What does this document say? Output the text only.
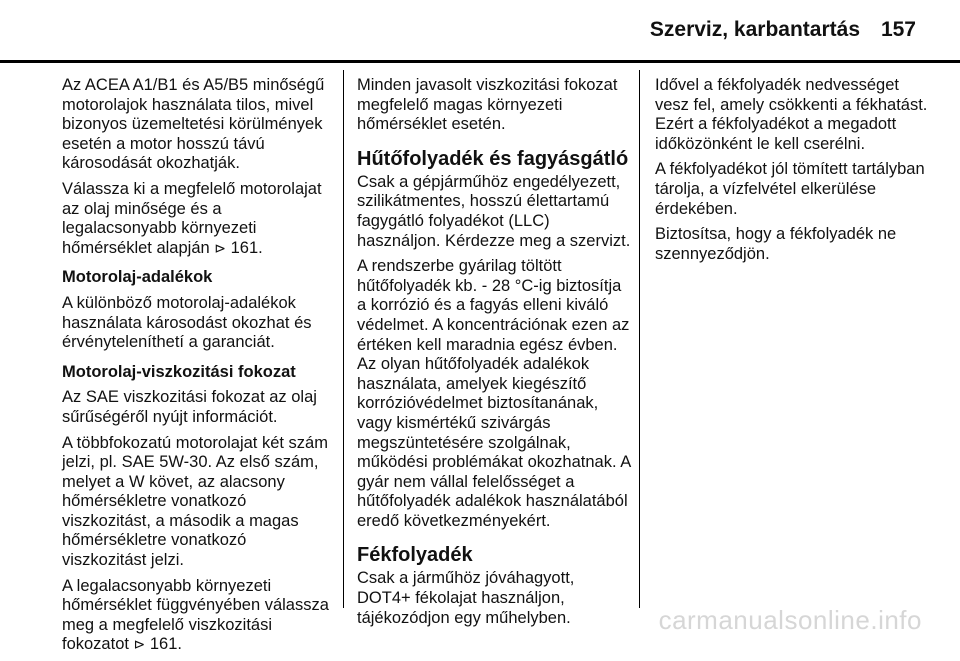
Szerviz, karbantartás 157

Az ACEA A1/B1 és A5/B5 minőségű motorolajok használata tilos, mivel bizonyos üzemeltetési körülmények esetén a motor hosszú távú károsodását okozhatják.

Válassza ki a megfelelő motorolajat az olaj minősége és a legalacsonyabb környezeti hőmérséklet alapján ⊳ 161.

Motorolaj-adalékok

A különböző motorolaj-adalékok használata károsodást okozhat és érvényteleníthetí a garanciát.

Motorolaj-viszkozitási fokozat

Az SAE viszkozitási fokozat az olaj sűrűségéről nyújt információt.

A többfokozatú motorolajat két szám jelzi, pl. SAE 5W-30. Az első szám, melyet a W követ, az alacsony hőmérsékletre vonatkozó viszkozitást, a második a magas hőmérsékletre vonatkozó viszkozitást jelzi.

A legalacsonyabb környezeti hőmérséklet függvényében válassza meg a megfelelő viszkozitási fokozatot ⊳ 161.

Minden javasolt viszkozitási fokozat megfelelő magas környezeti hőmérséklet esetén.

Hűtőfolyadék és fagyásgátló

Csak a gépjárműhöz engedélyezett, szilikátmentes, hosszú élettartamú fagygátló folyadékot (LLC) használjon. Kérdezze meg a szervizt.

A rendszerbe gyárilag töltött hűtőfolyadék kb. - 28 °C-ig biztosítja a korrózió és a fagyás elleni kiváló védelmet. A koncentrációnak ezen az értéken kell maradnia egész évben. Az olyan hűtőfolyadék adalékok használata, amelyek kiegészítő korrózióvédelmet biztosítanának, vagy kismértékű szivárgás megszüntetésére szolgálnak, működési problémákat okozhatnak. A gyár nem vállal felelősséget a hűtőfolyadék adalékok használatából eredő következményekért.

Fékfolyadék

Csak a járműhöz jóváhagyott, DOT4+ fékolajat használjon, tájékozódjon egy műhelyben.

Idővel a fékfolyadék nedvességet vesz fel, amely csökkenti a fékhatást. Ezért a fékfolyadékot a megadott időközönként le kell cserélni.

A fékfolyadékot jól tömített tartályban tárolja, a vízfelvétel elkerülése érdekében.

Biztosítsa, hogy a fékfolyadék ne szennyeződjön.

carmanualsonline.info
